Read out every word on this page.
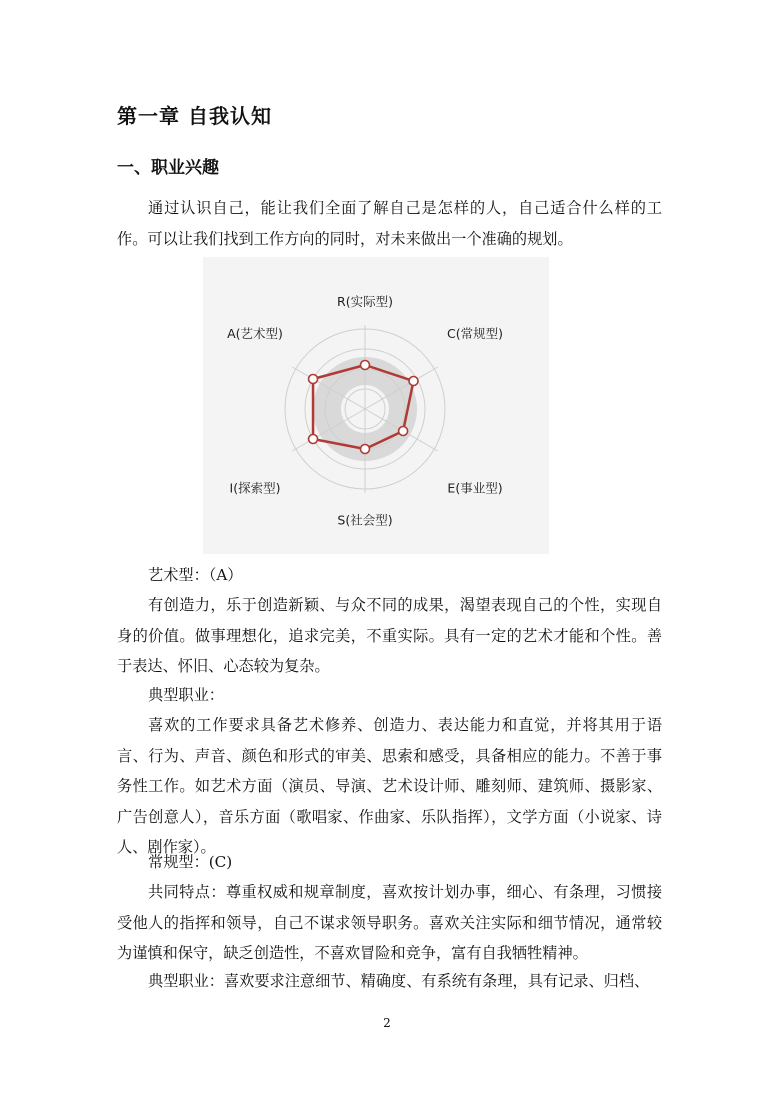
第一章 自我认知
一、职业兴趣

通过认识自己，能让我们全面了解自己是怎样的人，自己适合什么样的工作。可以让我们找到工作方向的同时，对未来做出一个准确的规划。

R(实际型)
C(常规型)
E(事业型)
S(社会型)
I(探索型)
A(艺术型)

艺术型：（A）

有创造力，乐于创造新颖、与众不同的成果，渴望表现自己的个性，实现自身的价值。做事理想化，追求完美，不重实际。具有一定的艺术才能和个性。善于表达、怀旧、心态较为复杂。

典型职业：

喜欢的工作要求具备艺术修养、创造力、表达能力和直觉，并将其用于语言、行为、声音、颜色和形式的审美、思索和感受，具备相应的能力。不善于事务性工作。如艺术方面（演员、导演、艺术设计师、雕刻师、建筑师、摄影家、广告创意人），音乐方面（歌唱家、作曲家、乐队指挥），文学方面（小说家、诗人、剧作家）。

常规型：(C)

共同特点：尊重权威和规章制度，喜欢按计划办事，细心、有条理，习惯接受他人的指挥和领导，自己不谋求领导职务。喜欢关注实际和细节情况，通常较为谨慎和保守，缺乏创造性，不喜欢冒险和竞争，富有自我牺牲精神。

典型职业：喜欢要求注意细节、精确度、有系统有条理，具有记录、归档、

2
